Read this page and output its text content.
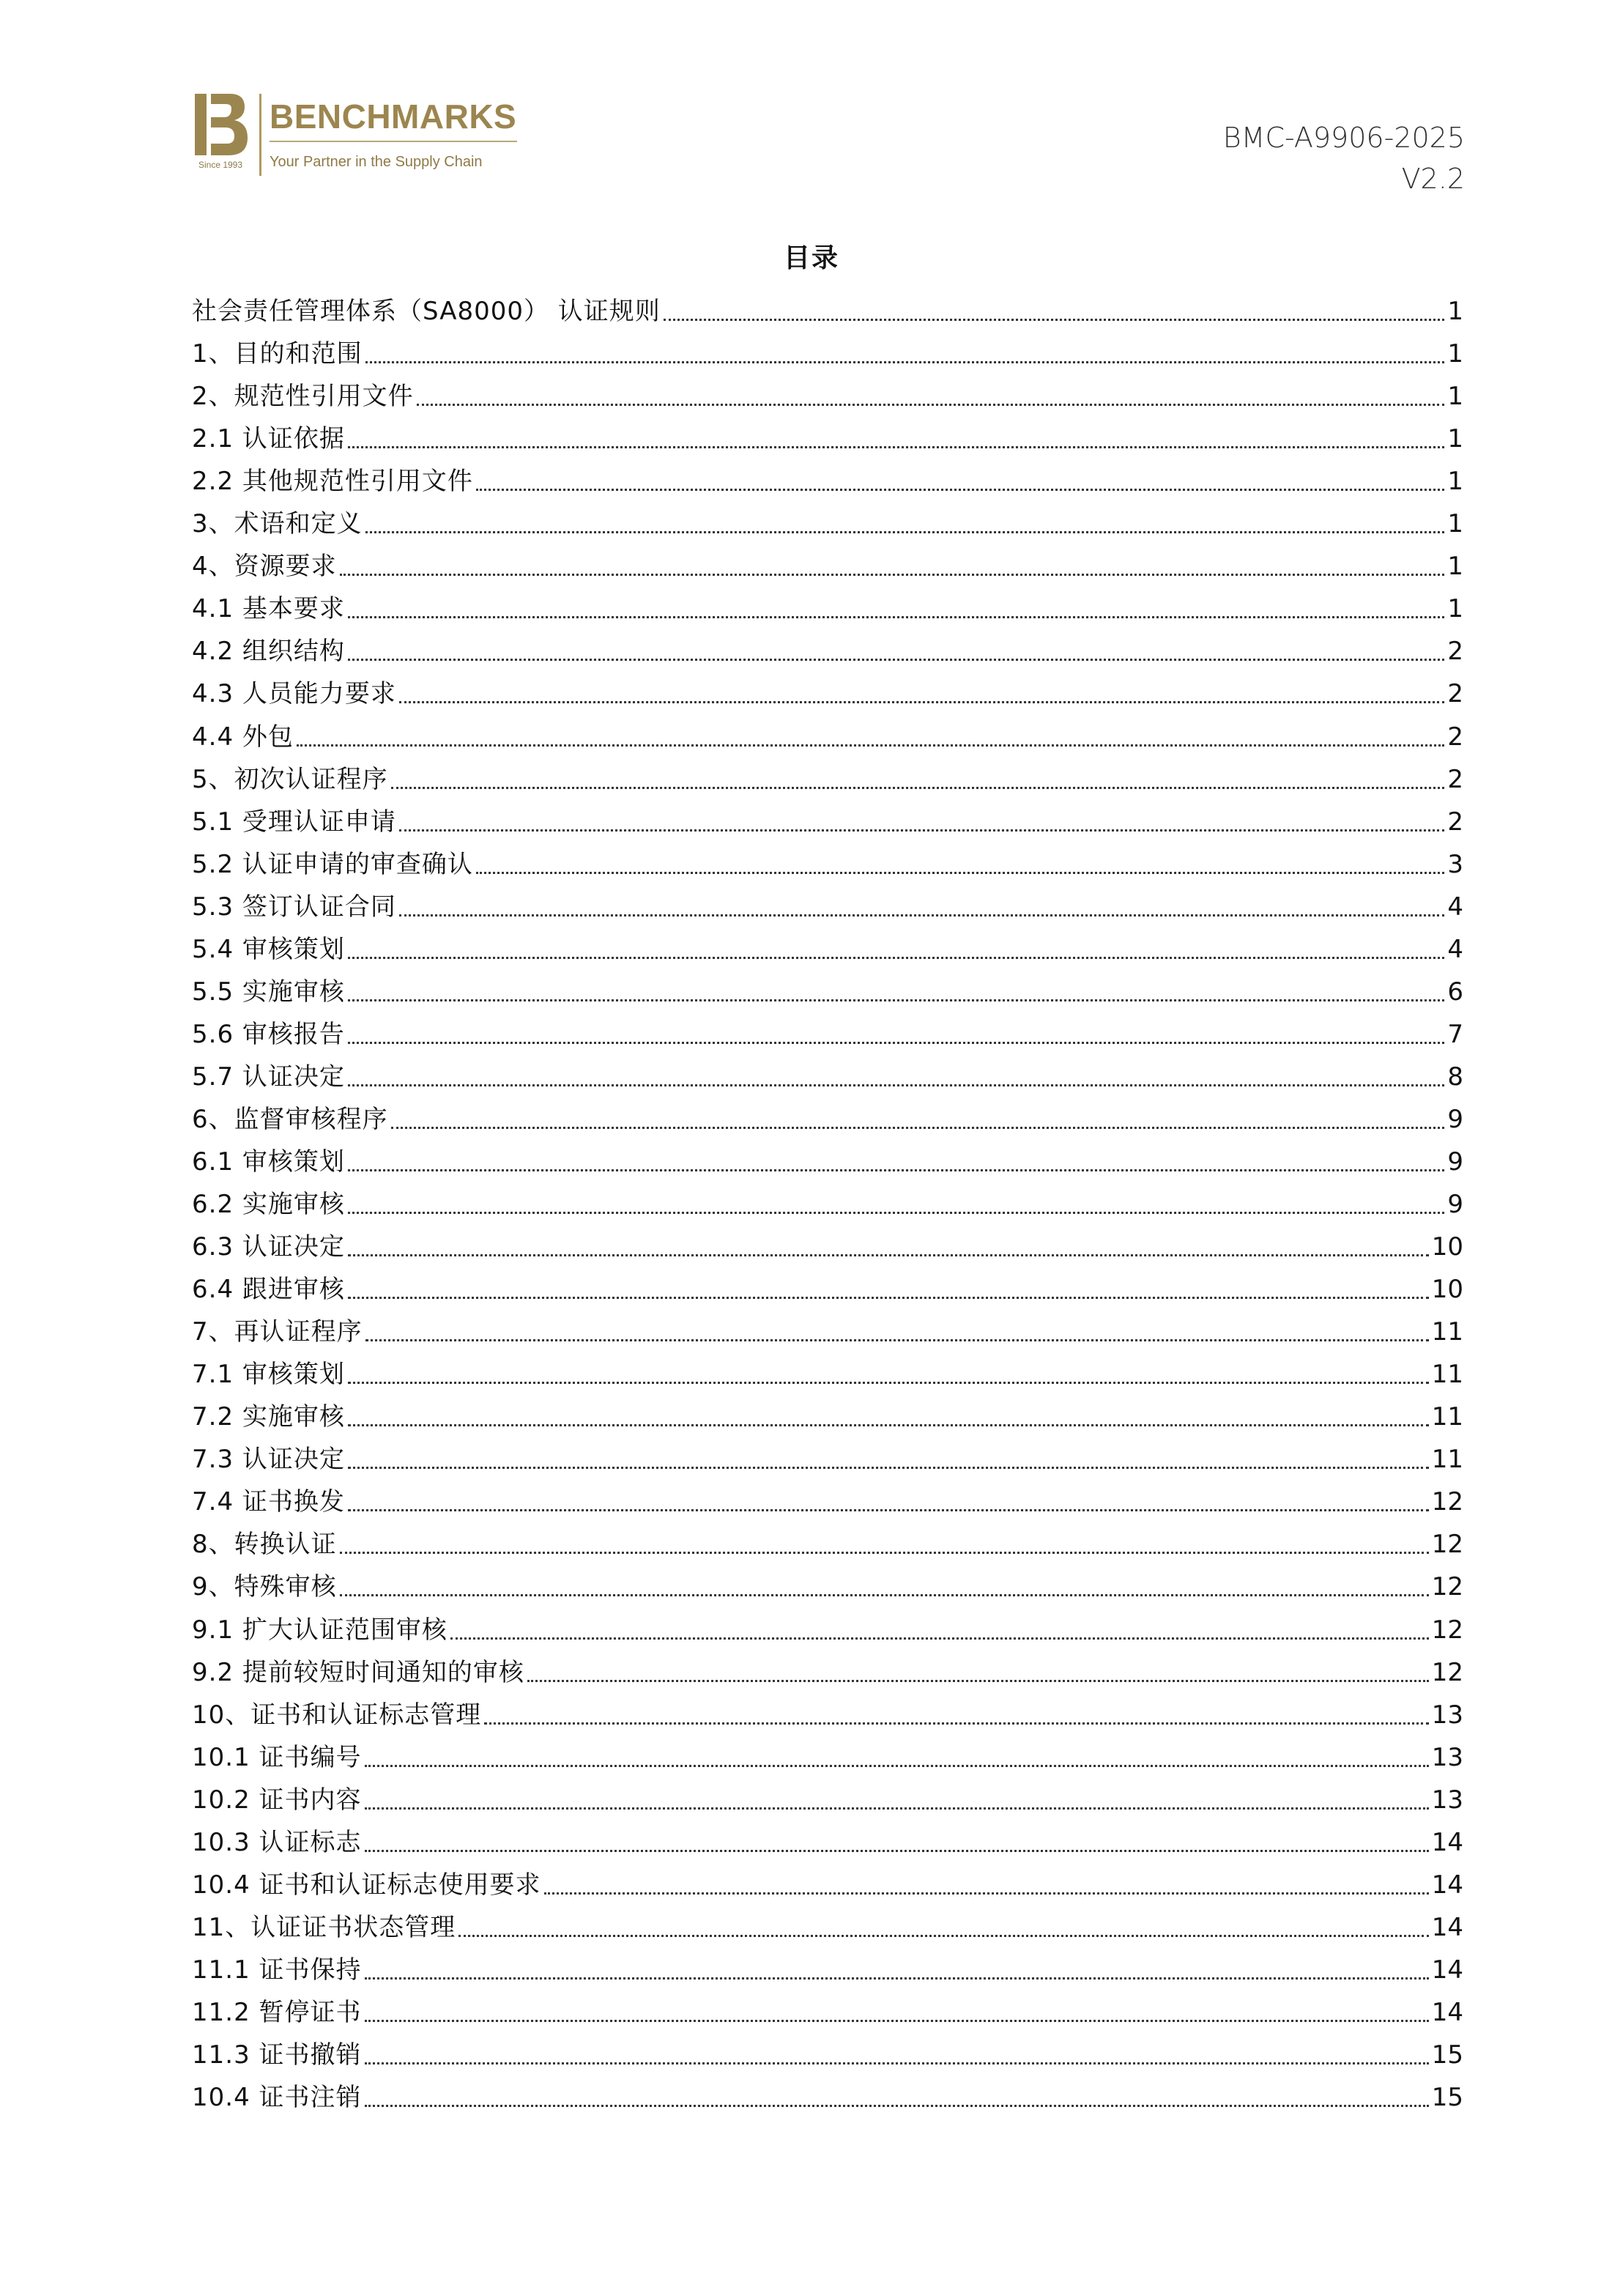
Since 1993
BENCHMARKS
Your Partner in the Supply Chain
BMC-A9906-2025
V2.2
目录
社会责任管理体系（SA8000） 认证规则	1
1、目的和范围	1
2、规范性引用文件	1
2.1 认证依据	1
2.2 其他规范性引用文件	1
3、术语和定义	1
4、资源要求	1
4.1 基本要求	1
4.2 组织结构	2
4.3 人员能力要求	2
4.4 外包	2
5、初次认证程序	2
5.1 受理认证申请	2
5.2 认证申请的审查确认	3
5.3 签订认证合同	4
5.4 审核策划	4
5.5 实施审核	6
5.6 审核报告	7
5.7 认证决定	8
6、监督审核程序	9
6.1 审核策划	9
6.2 实施审核	9
6.3 认证决定	10
6.4 跟进审核	10
7、再认证程序	11
7.1 审核策划	11
7.2 实施审核	11
7.3 认证决定	11
7.4 证书换发	12
8、转换认证	12
9、特殊审核	12
9.1 扩大认证范围审核	12
9.2 提前较短时间通知的审核	12
10、证书和认证标志管理	13
10.1 证书编号	13
10.2 证书内容	13
10.3 认证标志	14
10.4 证书和认证标志使用要求	14
11、认证证书状态管理	14
11.1 证书保持	14
11.2 暂停证书	14
11.3 证书撤销	15
10.4 证书注销	15
